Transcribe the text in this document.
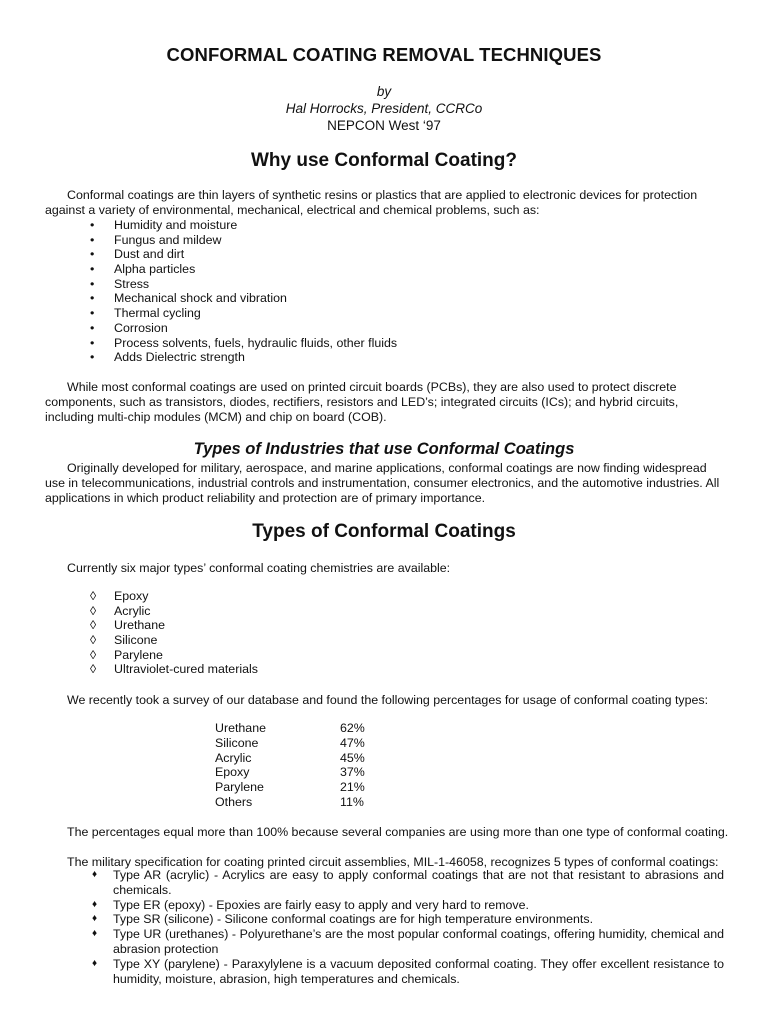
CONFORMAL COATING REMOVAL TECHNIQUES
by
Hal Horrocks, President, CCRCo
NEPCON West ‘97
Why use Conformal Coating?
Conformal coatings are thin layers of synthetic resins or plastics that are applied to electronic devices for protection against a variety of environmental, mechanical, electrical and chemical problems, such as:
•	Humidity and moisture
•	Fungus and mildew
•	Dust and dirt
•	Alpha particles
•	Stress
•	Mechanical shock and vibration
•	Thermal cycling
•	Corrosion
•	Process solvents, fuels, hydraulic fluids, other fluids
•	Adds Dielectric strength
While most conformal coatings are used on printed circuit boards (PCBs), they are also used to protect discrete components, such as transistors, diodes, rectifiers, resistors and LED’s; integrated circuits (ICs); and hybrid circuits, including multi-chip modules (MCM) and chip on board (COB).
Types of Industries that use Conformal Coatings
Originally developed for military, aerospace, and marine applications, conformal coatings are now finding widespread use in telecommunications, industrial controls and instrumentation, consumer electronics, and the automotive industries. All applications in which product reliability and protection are of primary importance.
Types of Conformal Coatings
Currently six major types’ conformal coating chemistries are available:
◊	Epoxy
◊	Acrylic
◊	Urethane
◊	Silicone
◊	Parylene
◊	Ultraviolet-cured materials
We recently took a survey of our database and found the following percentages for usage of conformal coating types:
Urethane	62%
Silicone	47%
Acrylic	45%
Epoxy	37%
Parylene	21%
Others	11%
The percentages equal more than 100% because several companies are using more than one type of conformal coating.
The military specification for coating printed circuit assemblies, MIL-1-46058, recognizes 5 types of conformal coatings:
♦ Type AR (acrylic) - Acrylics are easy to apply conformal coatings that are not that resistant to abrasions and chemicals.
♦ Type ER (epoxy) - Epoxies are fairly easy to apply and very hard to remove.
♦ Type SR (silicone) - Silicone conformal coatings are for high temperature environments.
♦ Type UR (urethanes) - Polyurethane’s are the most popular conformal coatings, offering humidity, chemical and abrasion protection
♦ Type XY (parylene) - Paraxylylene is a vacuum deposited conformal coating. They offer excellent resistance to humidity, moisture, abrasion, high temperatures and chemicals.
